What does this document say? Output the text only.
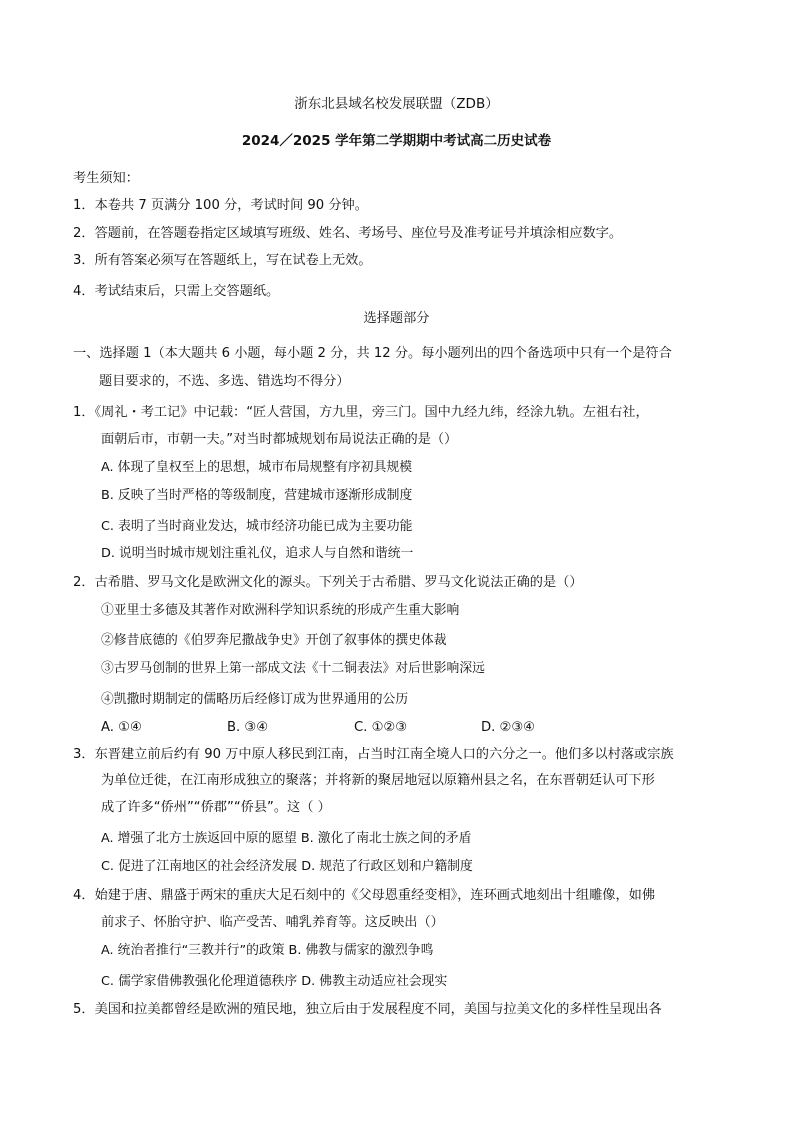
浙东北县域名校发展联盟（ZDB）
2024／2025 学年第二学期期中考试高二历史试卷
考生须知：
1．本卷共 7 页满分 100 分，考试时间 90 分钟。
2．答题前，在答题卷指定区域填写班级、姓名、考场号、座位号及准考证号并填涂相应数字。
3．所有答案必须写在答题纸上，写在试卷上无效。
4．考试结束后，只需上交答题纸。
选择题部分
一、选择题 1（本大题共 6 小题，每小题 2 分，共 12 分。每小题列出的四个备选项中只有一个是符合
题目要求的，不选、多选、错选均不得分）
1．《周礼・考工记》中记载：“匠人营国，方九里，旁三门。国中九经九纬，经涂九轨。左祖右社，
面朝后市，市朝一夫。”对当时都城规划布局说法正确的是（）
A. 体现了皇权至上的思想，城市布局规整有序初具规模
B. 反映了当时严格的等级制度，营建城市逐渐形成制度
C. 表明了当时商业发达，城市经济功能已成为主要功能
D. 说明当时城市规划注重礼仪，追求人与自然和谐统一
2．古希腊、罗马文化是欧洲文化的源头。下列关于古希腊、罗马文化说法正确的是（）
①亚里士多德及其著作对欧洲科学知识系统的形成产生重大影响
②修昔底德的《伯罗奔尼撒战争史》开创了叙事体的撰史体裁
③古罗马创制的世界上第一部成文法《十二铜表法》对后世影响深远
④凯撒时期制定的儒略历后经修订成为世界通用的公历
A. ①④	B. ③④	C. ①②③	D. ②③④
3．东晋建立前后约有 90 万中原人移民到江南，占当时江南全境人口的六分之一。他们多以村落或宗族
为单位迁徙，在江南形成独立的聚落；并将新的聚居地冠以原籍州县之名，在东晋朝廷认可下形
成了许多“侨州”“侨郡”“侨县”。这（ ）
A. 增强了北方士族返回中原的愿望 B. 激化了南北士族之间的矛盾
C. 促进了江南地区的社会经济发展 D. 规范了行政区划和户籍制度
4．始建于唐、鼎盛于两宋的重庆大足石刻中的《父母恩重经变相》，连环画式地刻出十组雕像，如佛
前求子、怀胎守护、临产受苦、哺乳养育等。这反映出（）
A. 统治者推行“三教并行”的政策 B. 佛教与儒家的激烈争鸣
C. 儒学家借佛教强化伦理道德秩序 D. 佛教主动适应社会现实
5．美国和拉美都曾经是欧洲的殖民地，独立后由于发展程度不同，美国与拉美文化的多样性呈现出各
